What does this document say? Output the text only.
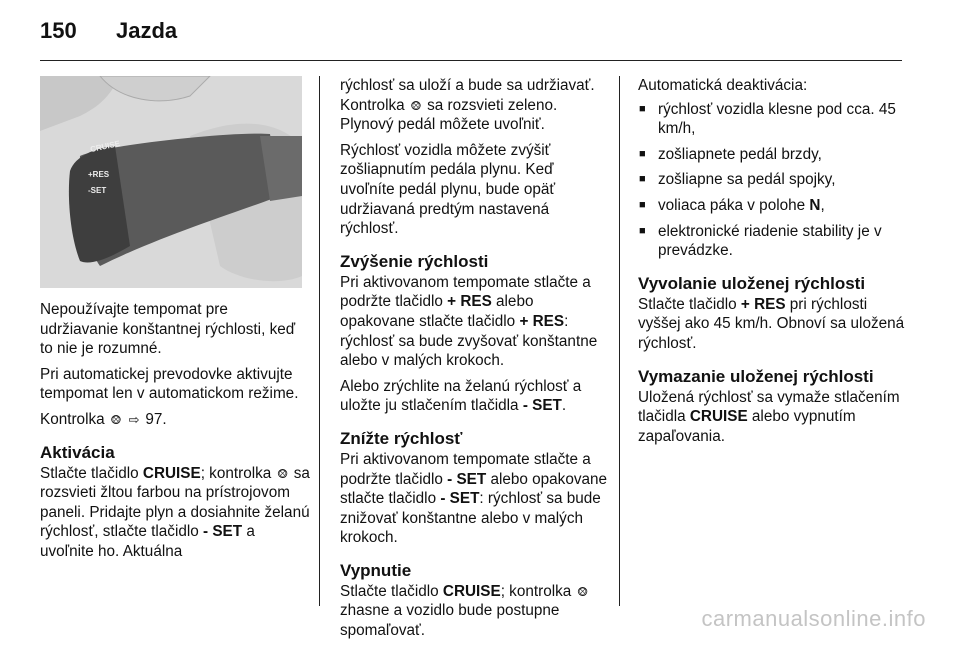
150 Jazda
CRUISE
+RES
-SET

Nepoužívajte tempomat pre udržiavanie konštantnej rýchlosti, keď to nie je rozumné.

Pri automatickej prevodovke aktivujte tempomat len v automatickom režime.

Kontrolka ⨷ ⇨ 97.

Aktivácia

Stlačte tlačidlo CRUISE; kontrolka ⨷ sa rozsvieti žltou farbou na prístrojovom paneli. Pridajte plyn a dosiahnite želanú rýchlosť, stlačte tlačidlo - SET a uvoľnite ho. Aktuálna

rýchlosť sa uloží a bude sa udržiavať. Kontrolka ⨷ sa rozsvieti zeleno. Plynový pedál môžete uvoľniť.

Rýchlosť vozidla môžete zvýšiť zošliapnutím pedála plynu. Keď uvoľníte pedál plynu, bude opäť udržiavaná predtým nastavená rýchlosť.

Zvýšenie rýchlosti

Pri aktivovanom tempomate stlačte a podržte tlačidlo + RES alebo opakovane stlačte tlačidlo + RES: rýchlosť sa bude zvyšovať konštantne alebo v malých krokoch.

Alebo zrýchlite na želanú rýchlosť a uložte ju stlačením tlačidla - SET.

Znížte rýchlosť

Pri aktivovanom tempomate stlačte a podržte tlačidlo - SET alebo opakovane stlačte tlačidlo - SET: rýchlosť sa bude znižovať konštantne alebo v malých krokoch.

Vypnutie

Stlačte tlačidlo CRUISE; kontrolka ⨷ zhasne a vozidlo bude postupne spomaľovať.

Automatická deaktivácia:

■ rýchlosť vozidla klesne pod cca. 45 km/h,
■ zošliapnete pedál brzdy,
■ zošliapne sa pedál spojky,
■ voliaca páka v polohe N,
■ elektronické riadenie stability je v prevádzke.
Vyvolanie uloženej rýchlosti

Stlačte tlačidlo + RES pri rýchlosti vyššej ako 45 km/h. Obnoví sa uložená rýchlosť.

Vymazanie uloženej rýchlosti

Uložená rýchlosť sa vymaže stlačením tlačidla CRUISE alebo vypnutím zapaľovania.

carmanualsonline.info
